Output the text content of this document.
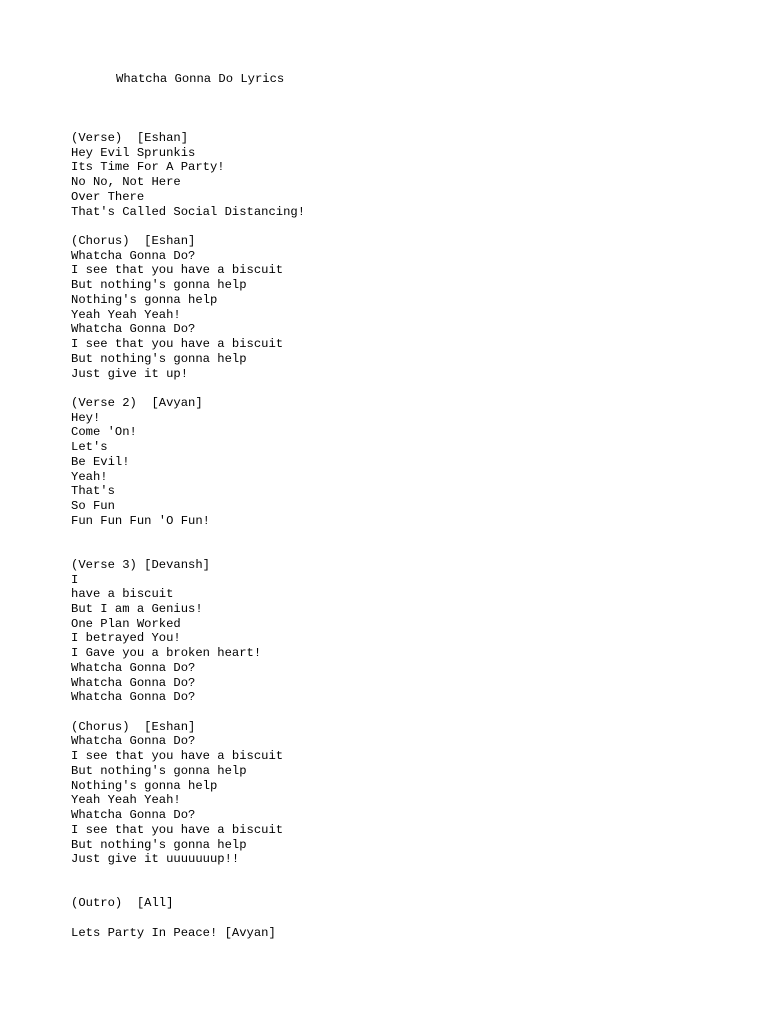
Whatcha Gonna Do Lyrics
(Verse)  [Eshan]
Hey Evil Sprunkis
Its Time For A Party!
No No, Not Here
Over There
That's Called Social Distancing!
(Chorus)  [Eshan]
Whatcha Gonna Do?
I see that you have a biscuit
But nothing's gonna help
Nothing's gonna help
Yeah Yeah Yeah!
Whatcha Gonna Do?
I see that you have a biscuit
But nothing's gonna help
Just give it up!
(Verse 2)  [Avyan]
Hey!
Come 'On!
Let's
Be Evil!
Yeah!
That's
So Fun
Fun Fun Fun 'O Fun!
(Verse 3) [Devansh]
I
have a biscuit
But I am a Genius!
One Plan Worked
I betrayed You!
I Gave you a broken heart!
Whatcha Gonna Do?
Whatcha Gonna Do?
Whatcha Gonna Do?
(Chorus)  [Eshan]
Whatcha Gonna Do?
I see that you have a biscuit
But nothing's gonna help
Nothing's gonna help
Yeah Yeah Yeah!
Whatcha Gonna Do?
I see that you have a biscuit
But nothing's gonna help
Just give it uuuuuuup!!
(Outro)  [All]
Lets Party In Peace! [Avyan]
